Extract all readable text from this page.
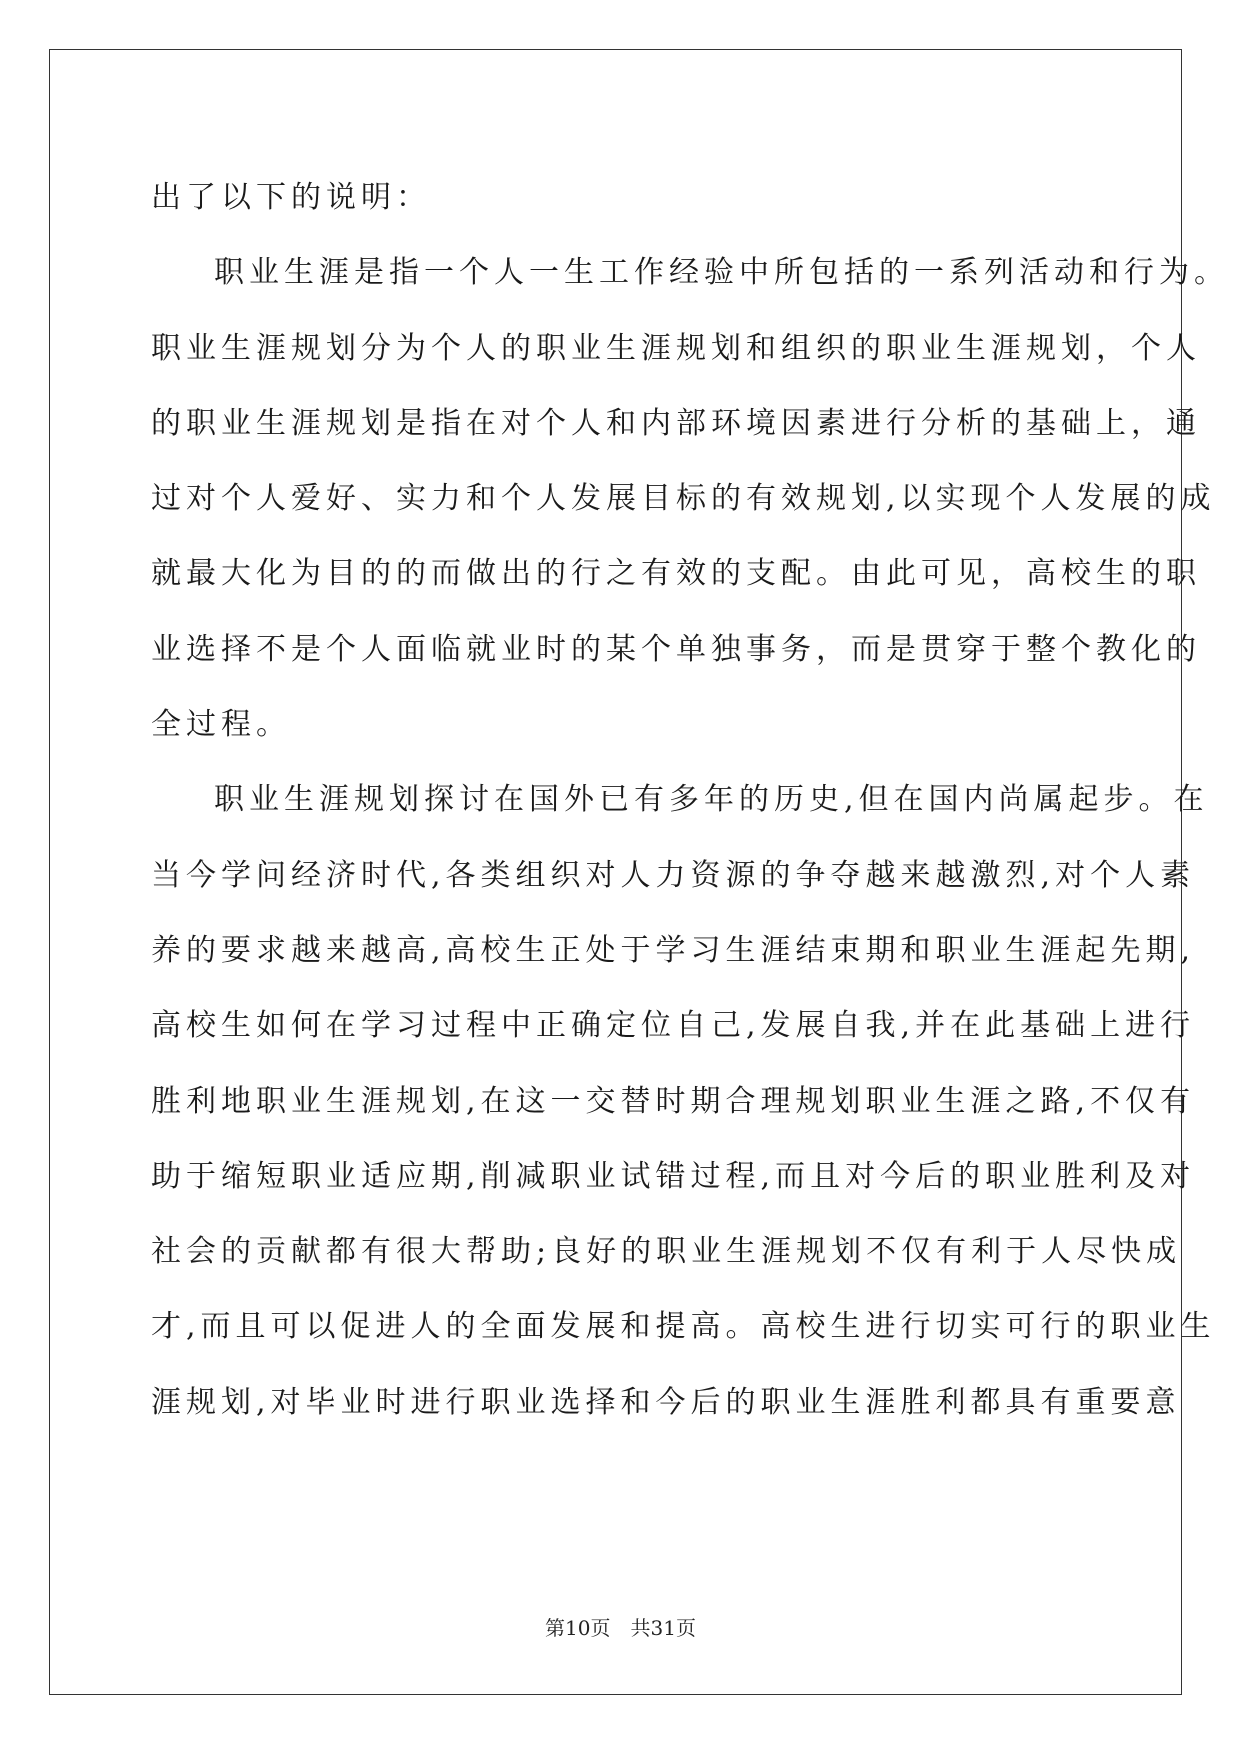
出了以下的说明：
职业生涯是指一个人一生工作经验中所包括的一系列活动和行为。
职业生涯规划分为个人的职业生涯规划和组织的职业生涯规划，个人
的职业生涯规划是指在对个人和内部环境因素进行分析的基础上，通
过对个人爱好、实力和个人发展目标的有效规划,以实现个人发展的成
就最大化为目的的而做出的行之有效的支配。由此可见，高校生的职
业选择不是个人面临就业时的某个单独事务，而是贯穿于整个教化的
全过程。
职业生涯规划探讨在国外已有多年的历史,但在国内尚属起步。在
当今学问经济时代,各类组织对人力资源的争夺越来越激烈,对个人素
养的要求越来越高,高校生正处于学习生涯结束期和职业生涯起先期,
高校生如何在学习过程中正确定位自己,发展自我,并在此基础上进行
胜利地职业生涯规划,在这一交替时期合理规划职业生涯之路,不仅有
助于缩短职业适应期,削减职业试错过程,而且对今后的职业胜利及对
社会的贡献都有很大帮助;良好的职业生涯规划不仅有利于人尽快成
才,而且可以促进人的全面发展和提高。高校生进行切实可行的职业生
涯规划,对毕业时进行职业选择和今后的职业生涯胜利都具有重要意
第10页　共31页
